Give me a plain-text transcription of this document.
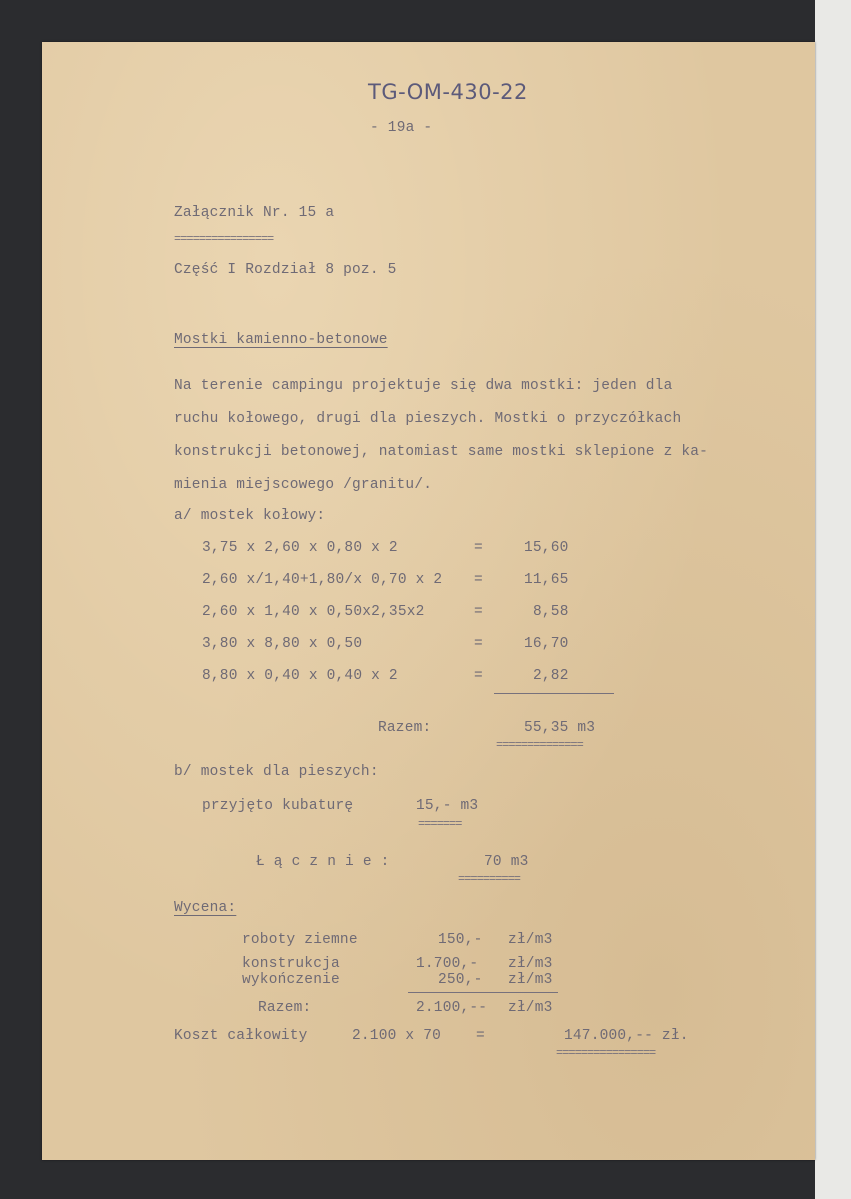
TG-OM-430-22
- 19a -
Załącznik Nr. 15 a
================
Część I Rozdział 8 poz. 5
Mostki kamienno-betonowe
Na terenie campingu projektuje się dwa mostki: jeden dla
ruchu kołowego, drugi dla pieszych. Mostki o przyczółkach
konstrukcji betonowej, natomiast same mostki sklepione z ka-
mienia miejscowego /granitu/.
a/ mostek kołowy:
3,75 x 2,60 x 0,80 x 2	=	15,60
2,60 x/1,40+1,80/x 0,70 x 2 =	11,65
2,60 x 1,40 x 0,50x2,35x2	=	8,58
3,80 x 8,80 x 0,50	=	16,70
8,80 x 0,40 x 0,40 x 2	=	2,82
Razem:	55,35 m3
==============
b/ mostek dla pieszych:
przyjęto kubaturę	15,- m3
=======
Ł ą c z n i e :	70 m3
==========
Wycena:
roboty ziemne	150,- zł/m3
konstrukcja	1.700,- zł/m3
wykończenie	250,- zł/m3
Razem:	2.100,-- zł/m3
Koszt całkowity	2.100 x 70 =	147.000,-- zł.
================
